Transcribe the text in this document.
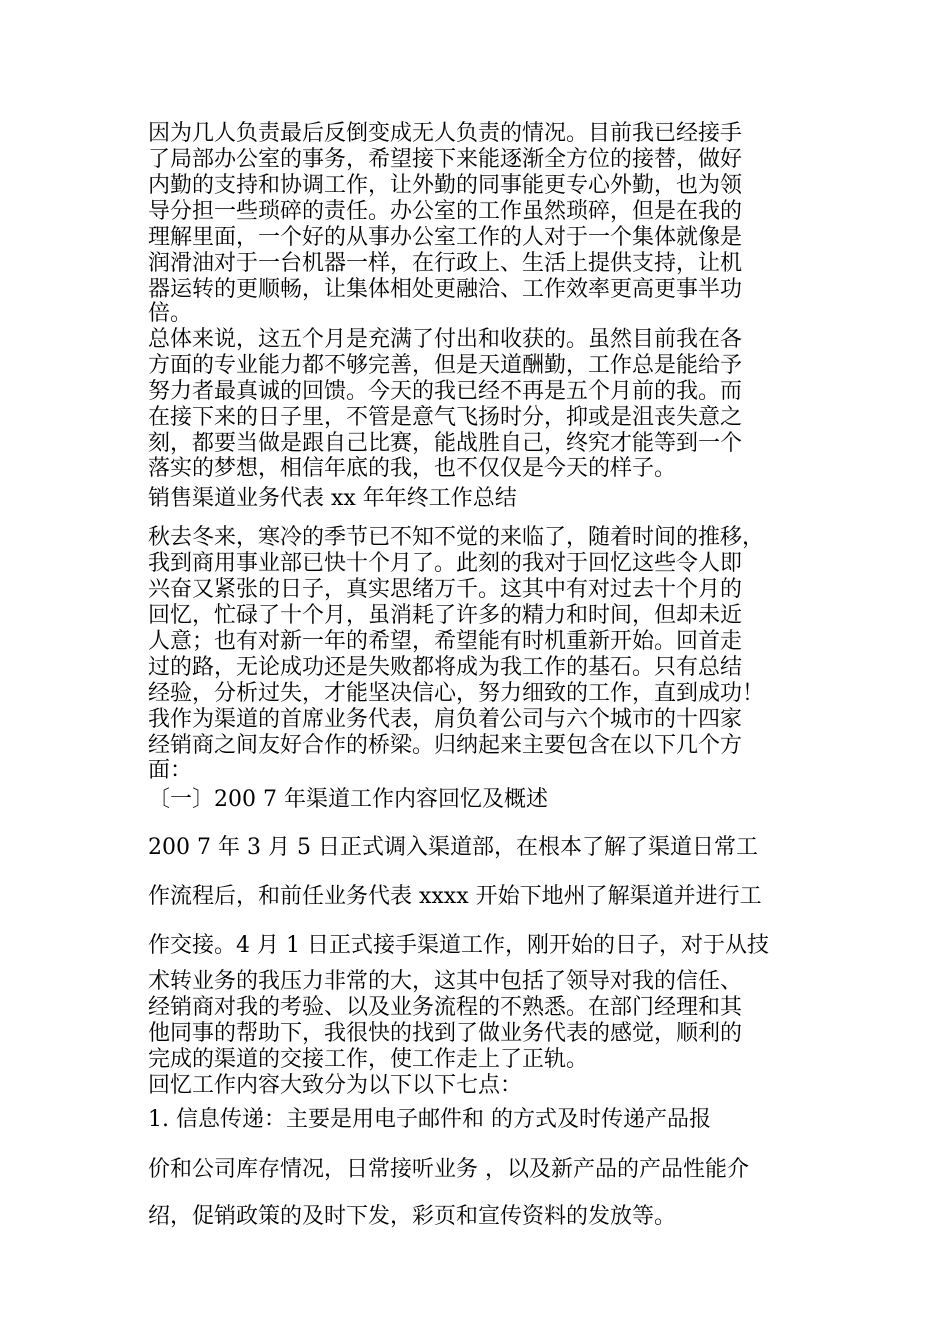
因为几人负责最后反倒变成无人负责的情况。目前我已经接手
了局部办公室的事务，希望接下来能逐渐全方位的接替，做好
内勤的支持和协调工作，让外勤的同事能更专心外勤，也为领
导分担一些琐碎的责任。办公室的工作虽然琐碎，但是在我的
理解里面，一个好的从事办公室工作的人对于一个集体就像是
润滑油对于一台机器一样，在行政上、生活上提供支持，让机
器运转的更顺畅，让集体相处更融洽、工作效率更高更事半功
倍。
总体来说，这五个月是充满了付出和收获的。虽然目前我在各
方面的专业能力都不够完善，但是天道酬勤，工作总是能给予
努力者最真诚的回馈。今天的我已经不再是五个月前的我。而
在接下来的日子里，不管是意气飞扬时分，抑或是沮丧失意之
刻，都要当做是跟自己比赛，能战胜自己，终究才能等到一个
落实的梦想，相信年底的我，也不仅仅是今天的样子。
销售渠道业务代表 xx 年年终工作总结
秋去冬来，寒冷的季节已不知不觉的来临了，随着时间的推移，
我到商用事业部已快十个月了。此刻的我对于回忆这些令人即
兴奋又紧张的日子，真实思绪万千。这其中有对过去十个月的
回忆，忙碌了十个月，虽消耗了许多的精力和时间，但却未近
人意；也有对新一年的希望，希望能有时机重新开始。回首走
过的路，无论成功还是失败都将成为我工作的基石。只有总结
经验，分析过失，才能坚决信心，努力细致的工作，直到成功！
我作为渠道的首席业务代表，肩负着公司与六个城市的十四家
经销商之间友好合作的桥梁。归纳起来主要包含在以下几个方
面：
〔一〕200 7 年渠道工作内容回忆及概述
200 7 年 3 月 5 日正式调入渠道部，在根本了解了渠道日常工
作流程后，和前任业务代表 xxxx 开始下地州了解渠道并进行工
作交接。4 月 1 日正式接手渠道工作，刚开始的日子，对于从技
术转业务的我压力非常的大，这其中包括了领导对我的信任、
经销商对我的考验、以及业务流程的不熟悉。在部门经理和其
他同事的帮助下，我很快的找到了做业务代表的感觉，顺利的
完成的渠道的交接工作，使工作走上了正轨。
回忆工作内容大致分为以下以下七点：
1. 信息传递：主要是用电子邮件和 的方式及时传递产品报
价和公司库存情况，日常接听业务 ，以及新产品的产品性能介
绍，促销政策的及时下发，彩页和宣传资料的发放等。
